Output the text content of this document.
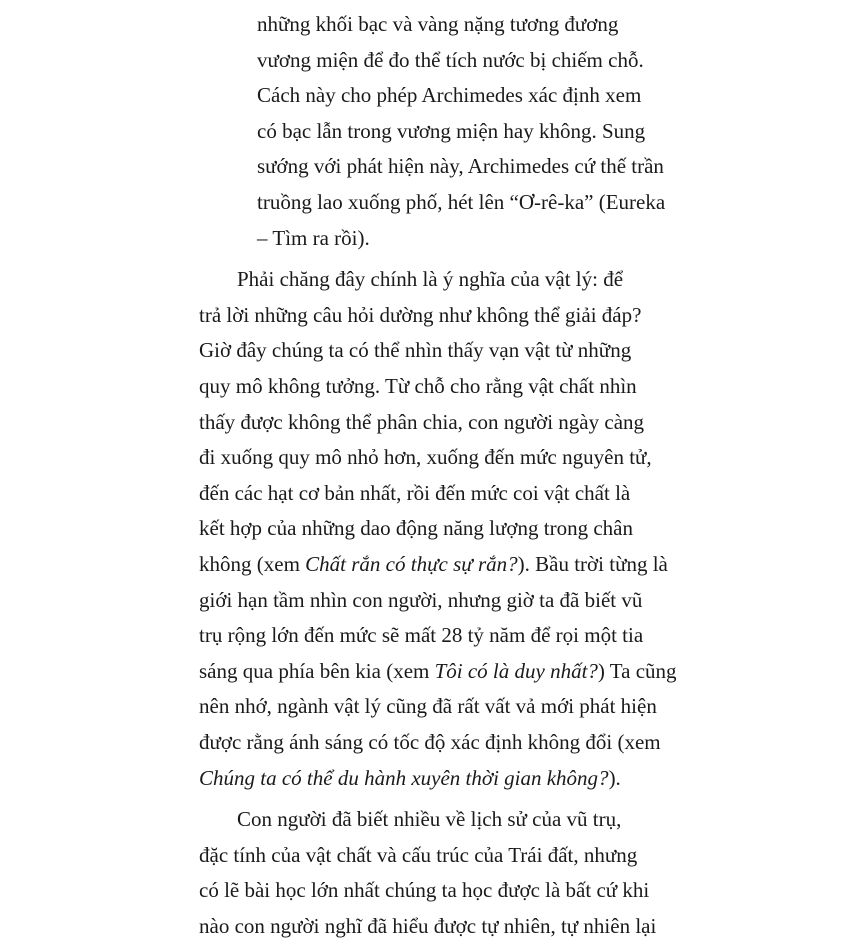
những khối bạc và vàng nặng tương đương
vương miện để đo thể tích nước bị chiếm chỗ.
Cách này cho phép Archimedes xác định xem
có bạc lẫn trong vương miện hay không. Sung
sướng với phát hiện này, Archimedes cứ thế trần
truồng lao xuống phố, hét lên “Ơ-rê-ka” (Eureka
– Tìm ra rồi).
Phải chăng đây chính là ý nghĩa của vật lý: để
trả lời những câu hỏi dường như không thể giải đáp?
Giờ đây chúng ta có thể nhìn thấy vạn vật từ những
quy mô không tưởng. Từ chỗ cho rằng vật chất nhìn
thấy được không thể phân chia, con người ngày càng
đi xuống quy mô nhỏ hơn, xuống đến mức nguyên tử,
đến các hạt cơ bản nhất, rồi đến mức coi vật chất là
kết hợp của những dao động năng lượng trong chân
không (xem Chất rắn có thực sự rắn?). Bầu trời từng là
giới hạn tầm nhìn con người, nhưng giờ ta đã biết vũ
trụ rộng lớn đến mức sẽ mất 28 tỷ năm để rọi một tia
sáng qua phía bên kia (xem Tôi có là duy nhất?) Ta cũng
nên nhớ, ngành vật lý cũng đã rất vất vả mới phát hiện
được rằng ánh sáng có tốc độ xác định không đổi (xem
Chúng ta có thể du hành xuyên thời gian không?).
Con người đã biết nhiều về lịch sử của vũ trụ,
đặc tính của vật chất và cấu trúc của Trái đất, nhưng
có lẽ bài học lớn nhất chúng ta học được là bất cứ khi
nào con người nghĩ đã hiểu được tự nhiên, tự nhiên lại
